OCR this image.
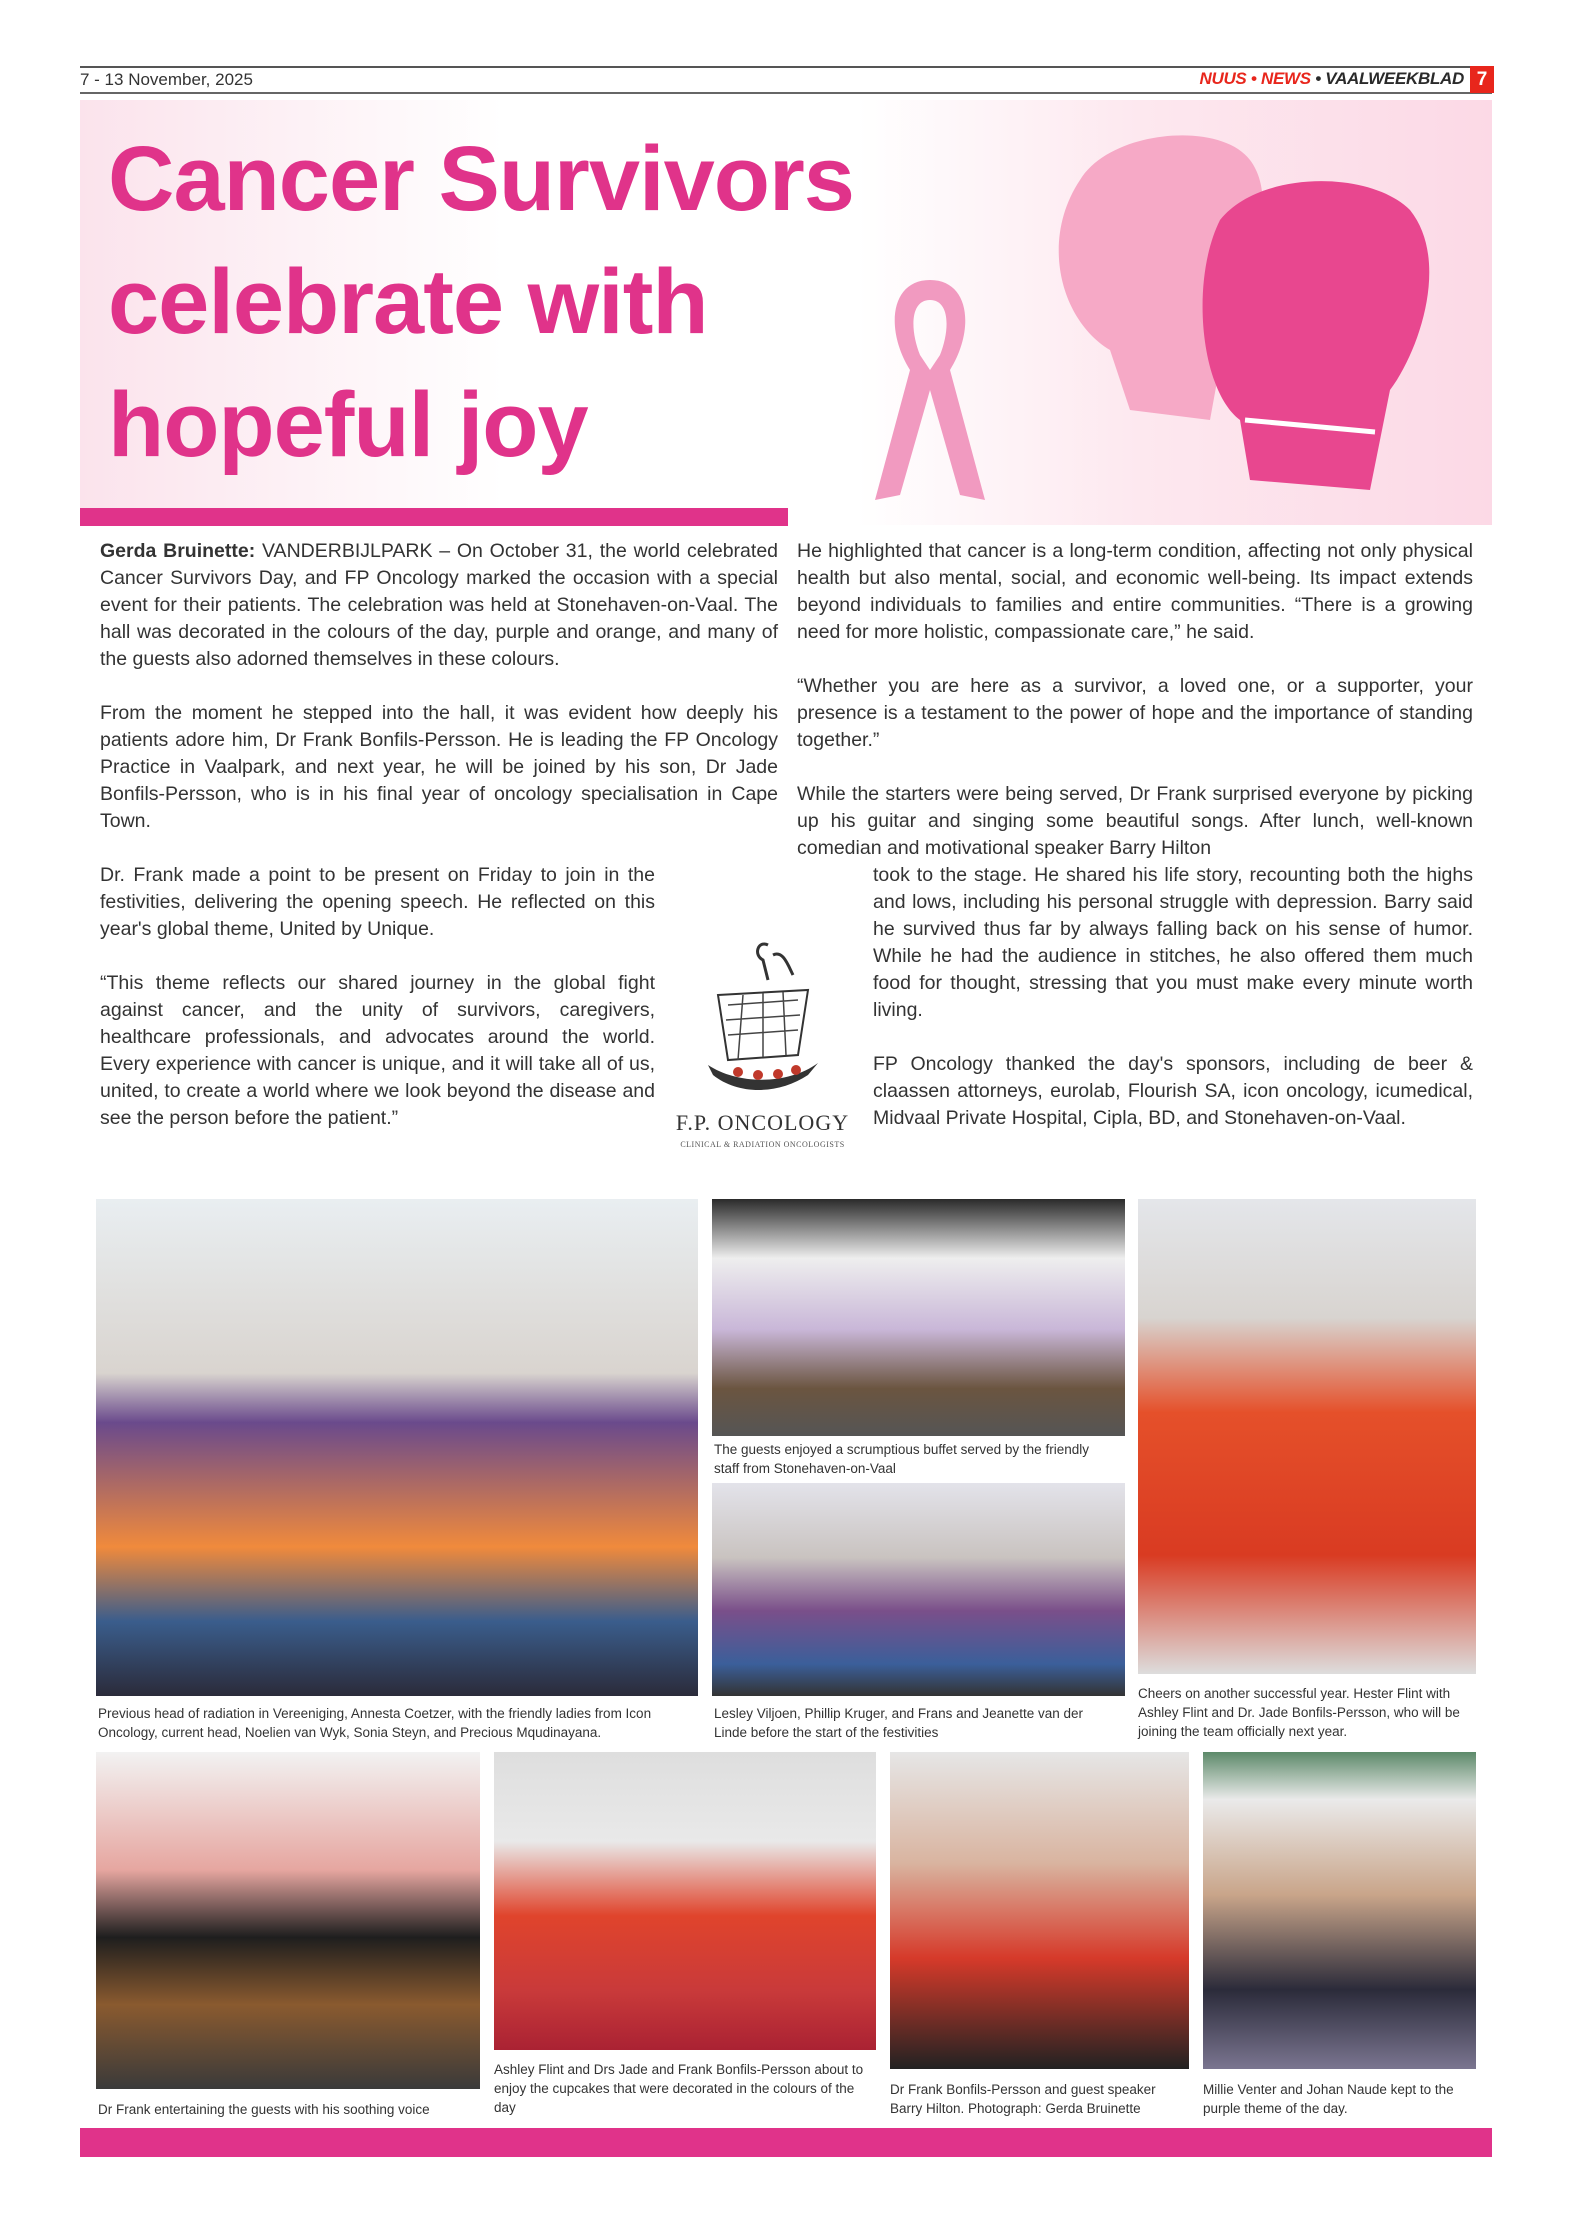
7 - 13 November, 2025	NUUS • NEWS • VAALWEEKBLAD 7
Cancer Survivors
celebrate with
hopeful joy

Gerda Bruinette: VANDERBIJLPARK – On October 31, the world celebrated Cancer Survivors Day, and FP Oncology marked the occasion with a special event for their patients. The celebration was held at Stonehaven-on-Vaal. The hall was decorated in the colours of the day, purple and orange, and many of the guests also adorned themselves in these colours.

From the moment he stepped into the hall, it was evident how deeply his patients adore him, Dr Frank Bonfils-Persson. He is leading the FP Oncology Practice in Vaalpark, and next year, he will be joined by his son, Dr Jade Bonfils-Persson, who is in his final year of oncology specialisation in Cape Town.

Dr. Frank made a point to be present on Friday to join in the festivities, delivering the opening speech. He reflected on this year's global theme, United by Unique.

“This theme reflects our shared journey in the global fight against cancer, and the unity of survivors, caregivers, healthcare professionals, and advocates around the world. Every experience with cancer is unique, and it will take all of us, united, to create a world where we look beyond the disease and see the person before the patient.”	F.P. ONCOLOGY
CLINICAL & RADIATION ONCOLOGISTS

He highlighted that cancer is a long-term condition, affecting not only physical health but also mental, social, and economic well-being. Its impact extends beyond individuals to families and entire communities. “There is a growing need for more holistic, compassionate care,” he said.

“Whether you are here as a survivor, a loved one, or a supporter, your presence is a testament to the power of hope and the importance of standing together.”

While the starters were being served, Dr Frank surprised everyone by picking up his guitar and singing some beautiful songs. After lunch, well-known comedian and motivational speaker Barry Hilton

took to the stage. He shared his life story, recounting both the highs and lows, including his personal struggle with depression. Barry said he survived thus far by always falling back on his sense of humor. While he had the audience in stitches, he also offered them much food for thought, stressing that you must make every minute worth living.

FP Oncology thanked the day's sponsors, including de beer & claassen attorneys, eurolab, Flourish SA, icon oncology, icumedical, Midvaal Private Hospital, Cipla, BD, and Stonehaven-on-Vaal.

The guests enjoyed a scrumptious buffet served by the friendly staff from Stonehaven-on-Vaal
Previous head of radiation in Vereeniging, Annesta Coetzer, with the friendly ladies from Icon Oncology, current head, Noelien van Wyk, Sonia Steyn, and Precious Mqudinayana.
Lesley Viljoen, Phillip Kruger, and Frans and Jeanette van der Linde before the start of the festivities
Cheers on another successful year. Hester Flint with Ashley Flint and Dr. Jade Bonfils-Persson, who will be joining the team officially next year.
Dr Frank entertaining the guests with his soothing voice
Ashley Flint and Drs Jade and Frank Bonfils-Persson about to enjoy the cupcakes that were decorated in the colours of the day
Dr Frank Bonfils-Persson and guest speaker Barry Hilton. Photograph: Gerda Bruinette
Millie Venter and Johan Naude kept to the purple theme of the day.
